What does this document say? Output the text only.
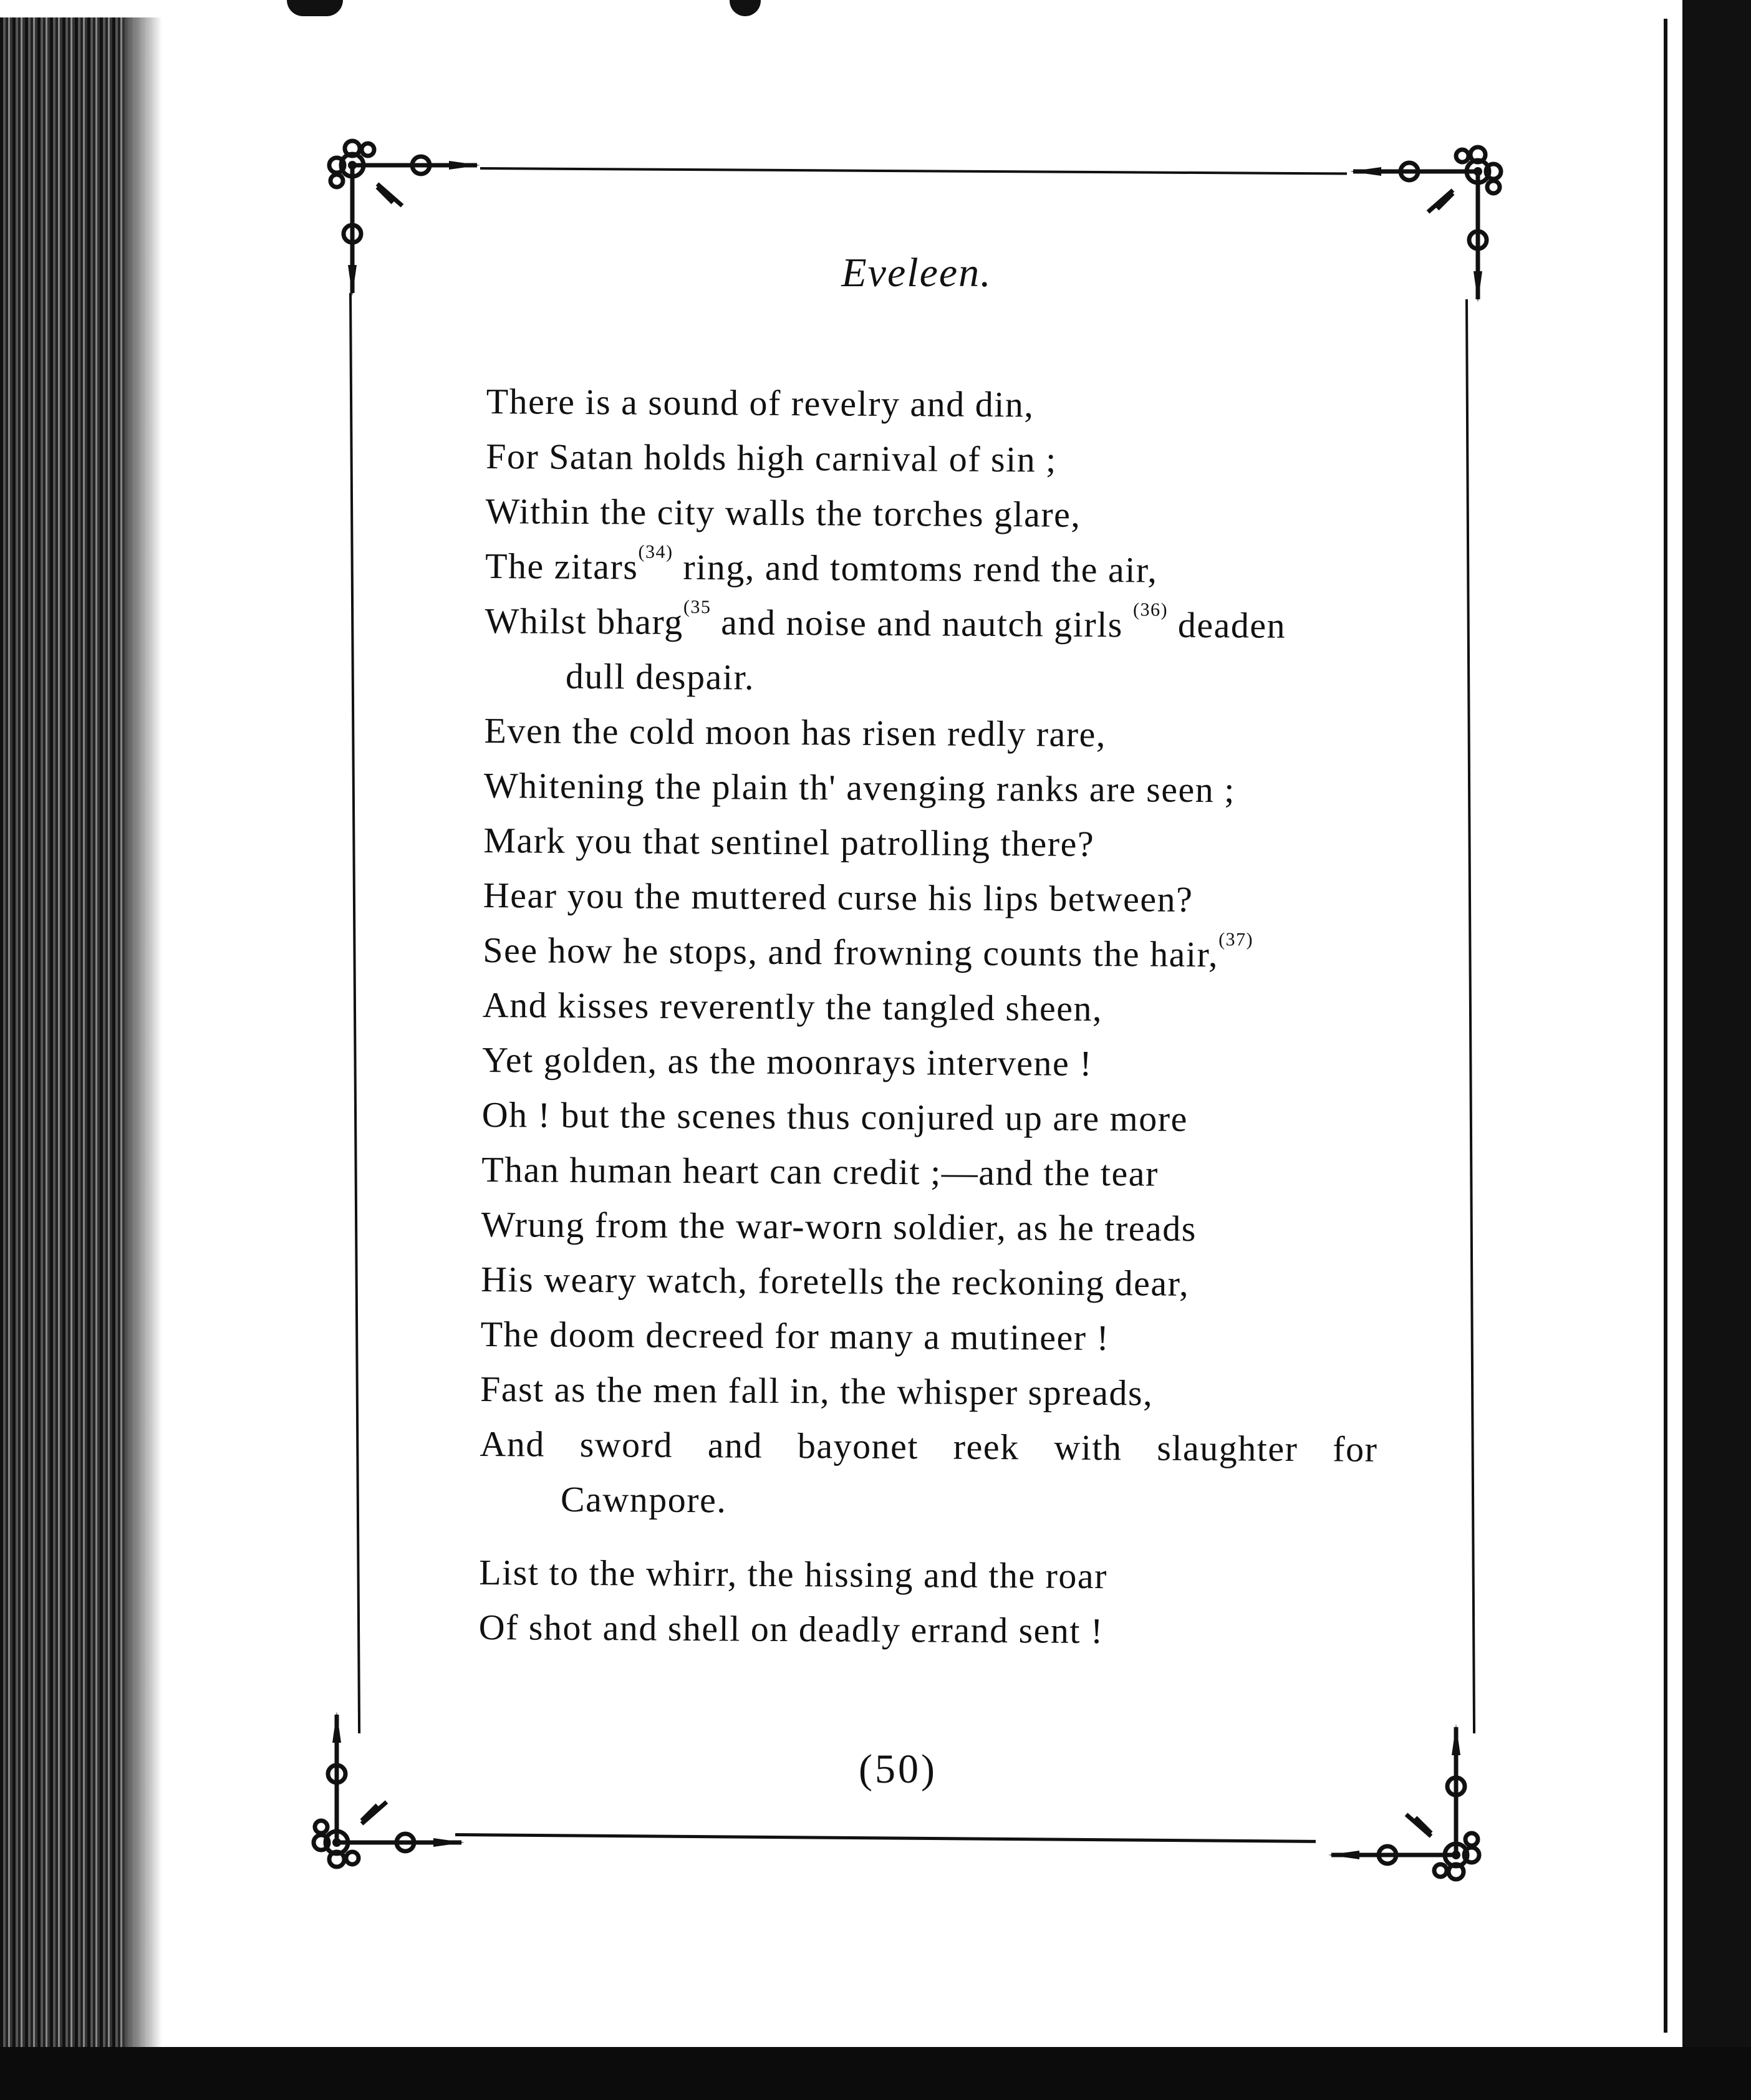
Eveleen.
There is a sound of revelry and din,
For Satan holds high carnival of sin ;
Within the city walls the torches glare,
The zitars$^{(34)}$ ring, and tomtoms rend the air,
Whilst bharg$^{(35}$ and noise and nautch girls $^{(36)}$ deaden
dull despair.
Even the cold moon has risen redly rare,
Whitening the plain th' avenging ranks are seen ;
Mark you that sentinel patrolling there?
Hear you the muttered curse his lips between?
See how he stops, and frowning counts the hair,$^{(37)}$
And kisses reverently the tangled sheen,
Yet golden, as the moonrays intervene !
Oh ! but the scenes thus conjured up are more
Than human heart can credit ;—and the tear
Wrung from the war-worn soldier, as he treads
His weary watch, foretells the reckoning dear,
The doom decreed for many a mutineer !
Fast as the men fall in, the whisper spreads,
And sword and bayonet reek with slaughter for
Cawnpore.
List to the whirr, the hissing and the roar
Of shot and shell on deadly errand sent !
(50)
